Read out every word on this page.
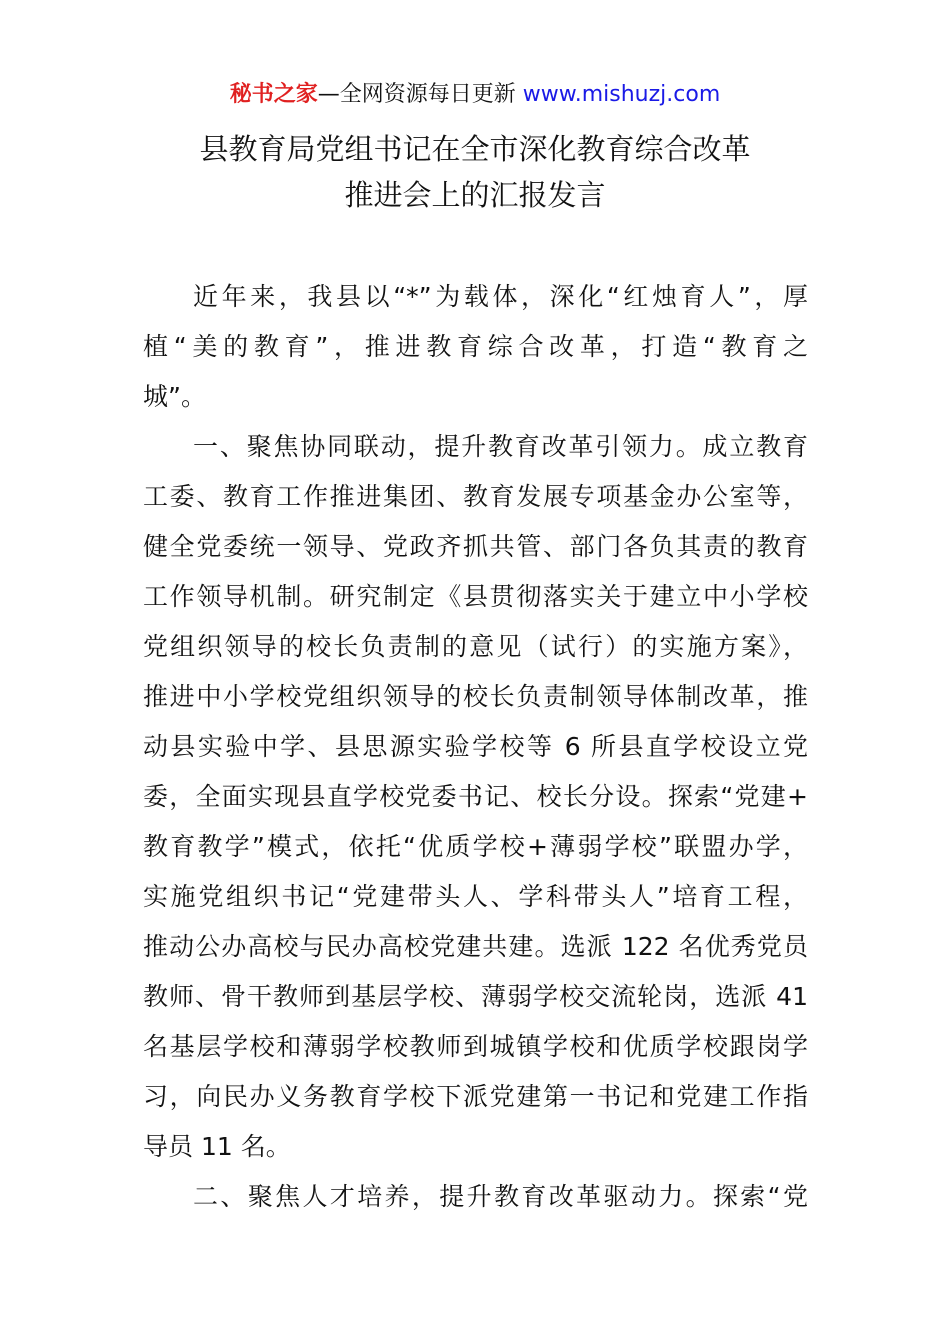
秘书之家—全网资源每日更新 www.mishuzj.com
县教育局党组书记在全市深化教育综合改革
推进会上的汇报发言
近年来，我县以“*”为载体，深化“红烛育人”，厚
植“美的教育”，推进教育综合改革，打造“教育之
城”。
一、聚焦协同联动，提升教育改革引领力。成立教育
工委、教育工作推进集团、教育发展专项基金办公室等，
健全党委统一领导、党政齐抓共管、部门各负其责的教育
工作领导机制。研究制定《县贯彻落实关于建立中小学校
党组织领导的校长负责制的意见（试行）的实施方案》，
推进中小学校党组织领导的校长负责制领导体制改革，推
动县实验中学、县思源实验学校等 6 所县直学校设立党
委，全面实现县直学校党委书记、校长分设。探索“党建+
教育教学”模式，依托“优质学校+薄弱学校”联盟办学，
实施党组织书记“党建带头人、学科带头人”培育工程，
推动公办高校与民办高校党建共建。选派 122 名优秀党员
教师、骨干教师到基层学校、薄弱学校交流轮岗，选派 41
名基层学校和薄弱学校教师到城镇学校和优质学校跟岗学
习，向民办义务教育学校下派党建第一书记和党建工作指
导员 11 名。
二、聚焦人才培养，提升教育改革驱动力。探索“党
